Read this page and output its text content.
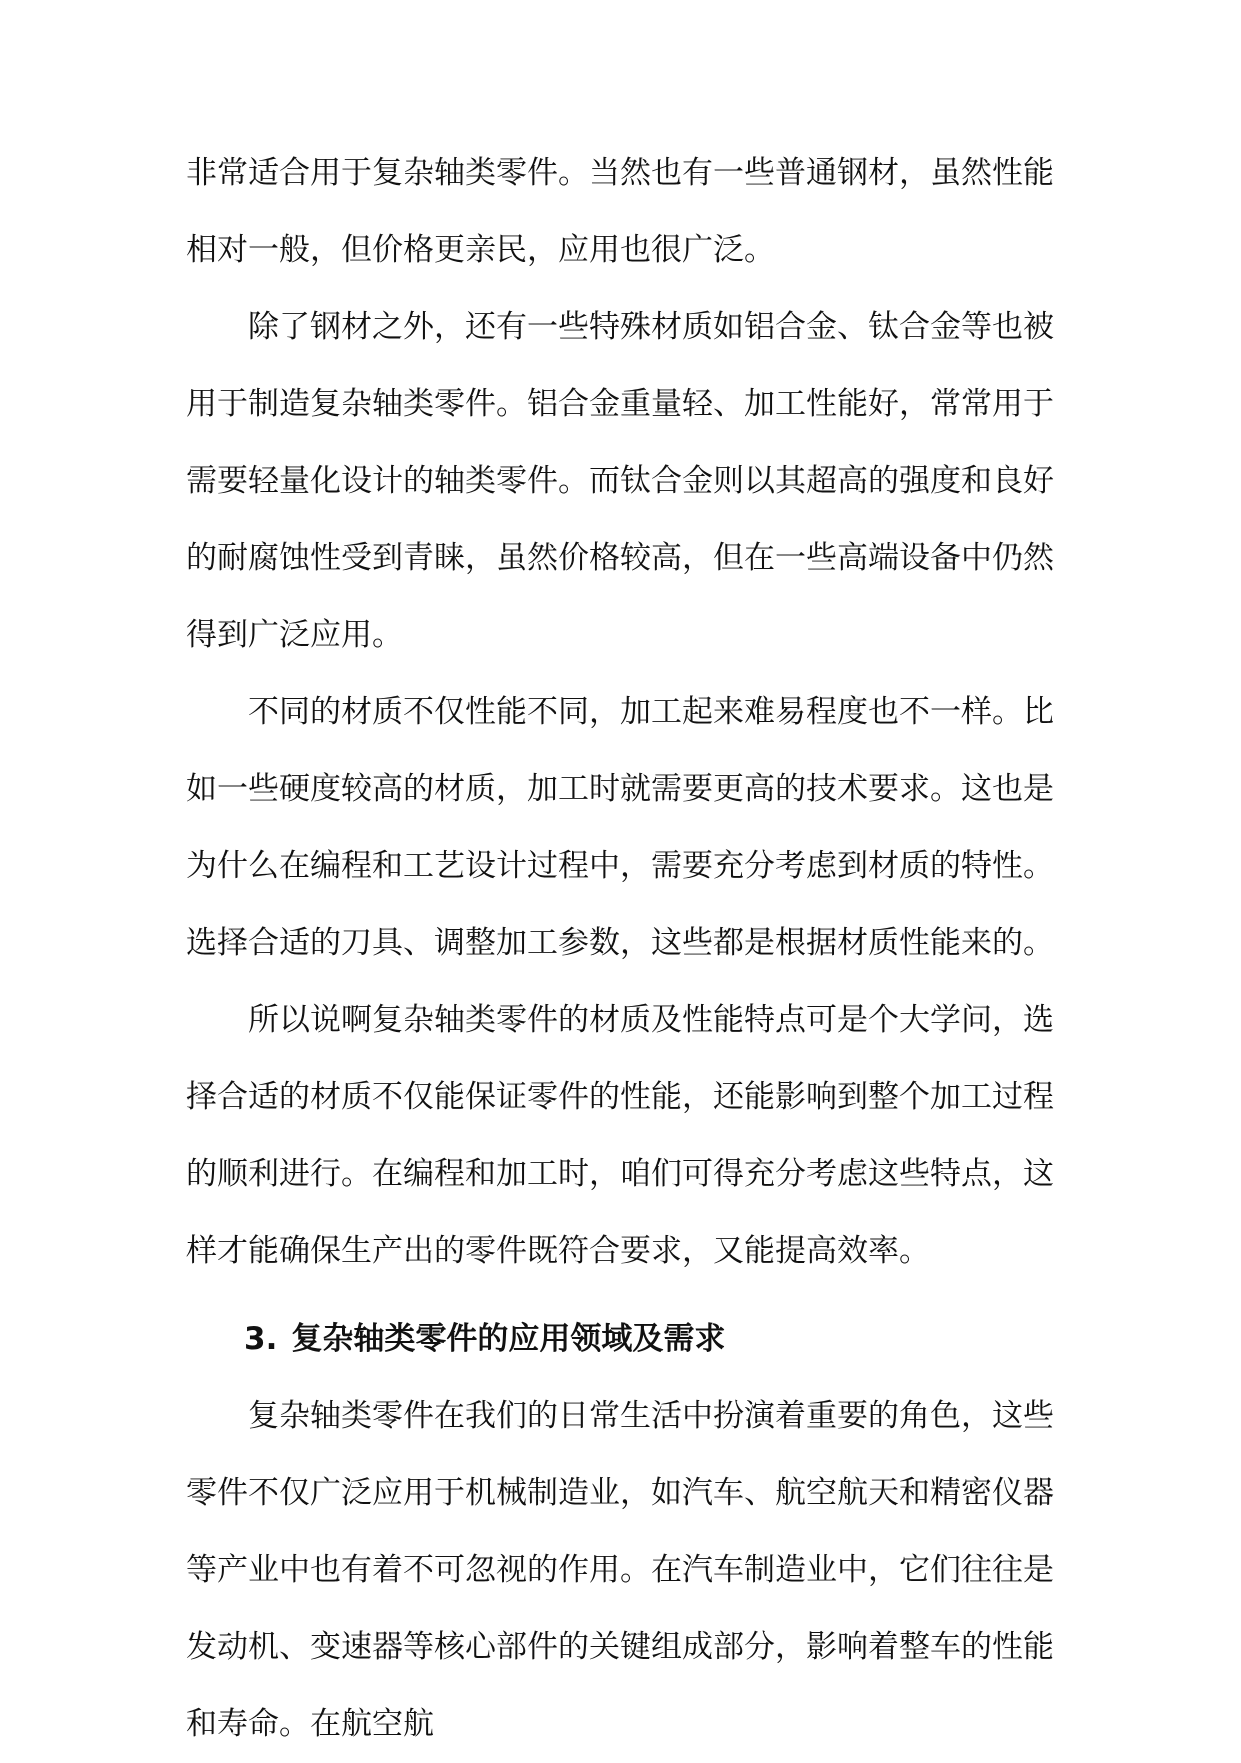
非常适合用于复杂轴类零件。当然也有一些普通钢材，虽然性能相对一般，但价格更亲民，应用也很广泛。

除了钢材之外，还有一些特殊材质如铝合金、钛合金等也被用于制造复杂轴类零件。铝合金重量轻、加工性能好，常常用于需要轻量化设计的轴类零件。而钛合金则以其超高的强度和良好的耐腐蚀性受到青睐，虽然价格较高，但在一些高端设备中仍然得到广泛应用。

不同的材质不仅性能不同，加工起来难易程度也不一样。比如一些硬度较高的材质，加工时就需要更高的技术要求。这也是为什么在编程和工艺设计过程中，需要充分考虑到材质的特性。选择合适的刀具、调整加工参数，这些都是根据材质性能来的。

所以说啊复杂轴类零件的材质及性能特点可是个大学问，选择合适的材质不仅能保证零件的性能，还能影响到整个加工过程的顺利进行。在编程和加工时，咱们可得充分考虑这些特点，这样才能确保生产出的零件既符合要求，又能提高效率。

3. 复杂轴类零件的应用领域及需求

复杂轴类零件在我们的日常生活中扮演着重要的角色，这些零件不仅广泛应用于机械制造业，如汽车、航空航天和精密仪器等产业中也有着不可忽视的作用。在汽车制造业中，它们往往是发动机、变速器等核心部件的关键组成部分，影响着整车的性能和寿命。在航空航
